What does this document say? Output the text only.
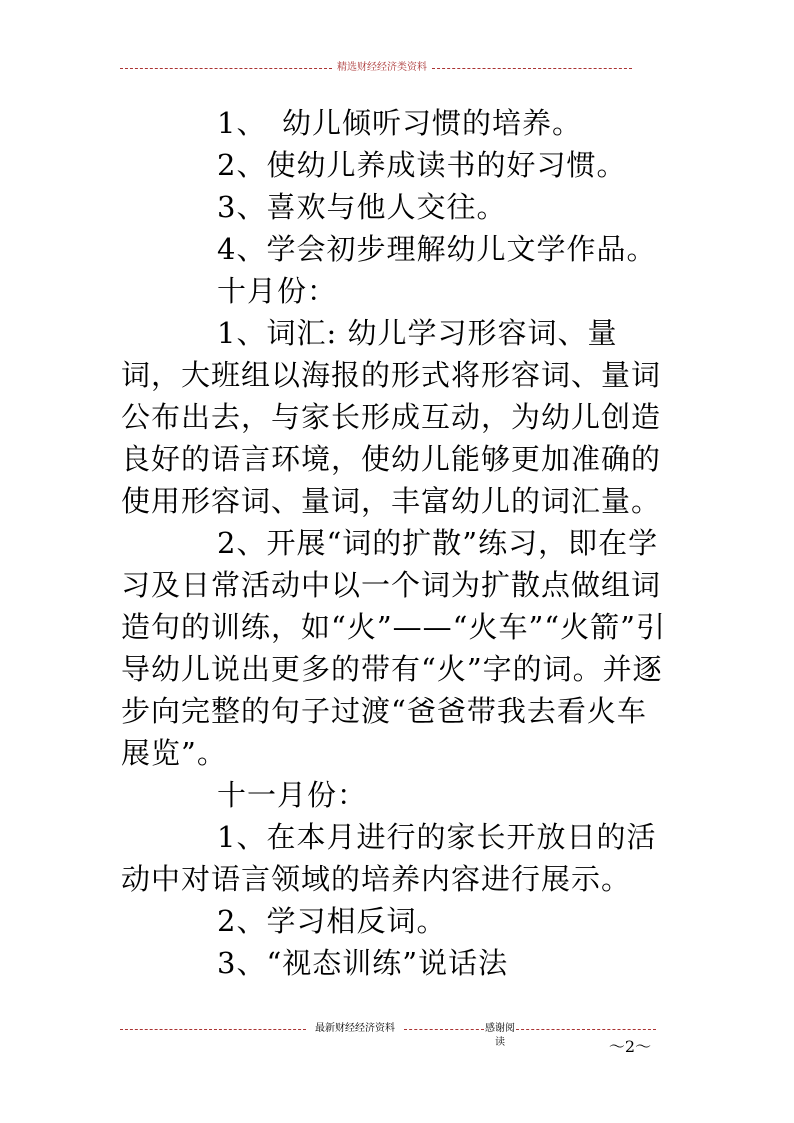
精选财经经济类资料

1、　幼儿倾听习惯的培养。

2、使幼儿养成读书的好习惯。

3、喜欢与他人交往。

4、学会初步理解幼儿文学作品。

十月份：

1、词汇: 幼儿学习形容词、量词，大班组以海报的形式将形容词、量词公布出去，与家长形成互动，为幼儿创造良好的语言环境，使幼儿能够更加准确的使用形容词、量词，丰富幼儿的词汇量。

2、开展“词的扩散”练习，即在学习及日常活动中以一个词为扩散点做组词造句的训练，如“火”——“火车”“火箭”引导幼儿说出更多的带有“火”字的词。并逐步向完整的句子过渡“爸爸带我去看火车展览”。

十一月份：

1、在本月进行的家长开放日的活动中对语言领域的培养内容进行展示。

2、学习相反词。

3、“视态训练”说话法

最新财经经济资料	感谢阅读	～2～
